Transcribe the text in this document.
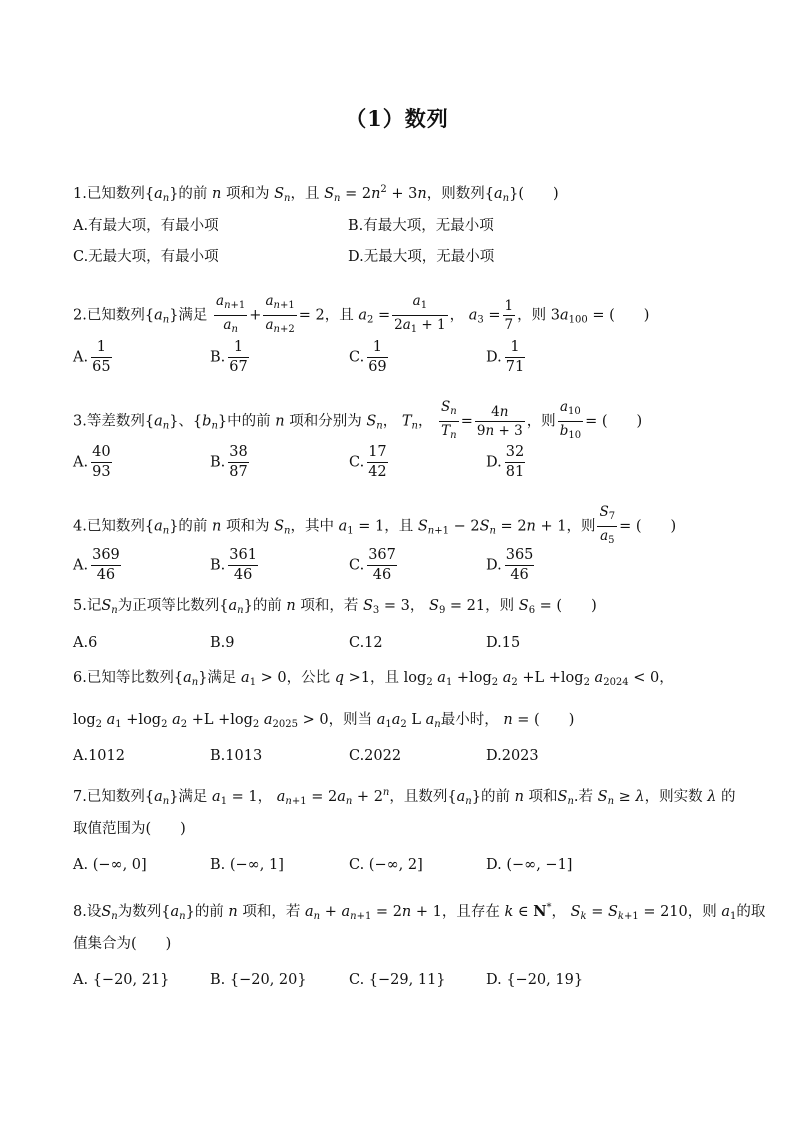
（1）数列
1.已知数列$\{a_n\}$的前 n 项和为 $S_n$，且 $S_n = 2n^2 + 3n$，则数列$\{a_n\}$(　　)
A.有最大项，有最小项	B.有最大项，无最小项
C.无最大项，有最小项	D.无最大项，无最小项
2.已知数列$\{a_n\}$满足 $\frac{a_{n+1}}{a_n} + \frac{a_{n+1}}{a_{n+2}} = 2$，且 $a_2 = \frac{a_1}{2a_1 + 1}$ ， $a_3 = \frac{1}{7}$ ，则 $3a_{100}$ = (　　)
A. $\frac{1}{65}$	B. $\frac{1}{67}$	C. $\frac{1}{69}$	D. $\frac{1}{71}$
3.等差数列$\{a_n\}$、$\{b_n\}$中的前 n 项和分别为 $S_n$， $T_n$， $\frac{S_n}{T_n} = \frac{4n}{9n + 3}$ ，则 $\frac{a_{10}}{b_{10}}$ = (　　)
A. $\frac{40}{93}$	B. $\frac{38}{87}$	C. $\frac{17}{42}$	D. $\frac{32}{81}$
4.已知数列$\{a_n\}$的前 n 项和为 $S_n$，其中 $a_1 = 1$，且 $S_{n+1} - 2S_n = 2n + 1$，则 $\frac{S_7}{a_5}$ = (　　)
A. $\frac{369}{46}$	B. $\frac{361}{46}$	C. $\frac{367}{46}$	D. $\frac{365}{46}$
5.记$S_n$为正项等比数列$\{a_n\}$的前 n 项和，若 $S_3 = 3$， $S_9 = 21$，则 $S_6$ = (　　)
A.6	B.9	C.12	D.15
6.已知等比数列$\{a_n\}$满足 $a_1 > 0$，公比 q >1，且 $\log_2 a_1 +\log_2$ $a_2 +L +\log_2$ $a_{2024} < 0$，
$\log_2 a_1 +\log_2$ $a_2 +L +\log_2$ $a_{2025} > 0$，则当 $a_1a_2$ L $a_n$最小时， n = (　　)
A.1012	B.1013	C.2022	D.2023
7.已知数列$\{a_n\}$满足 $a_1 = 1$， $a_{n+1} = 2a_n + 2^n$，且数列$\{a_n\}$的前 n 项和$S_n$.若 $S_n \ge \lambda$，则实数 λ 的
取值范围为(　　)
A. (−∞, 0]	B. (−∞, 1]	C. (−∞, 2]	D. (−∞, −1]
8.设$S_n$为数列$\{a_n\}$的前 n 项和，若 $a_n + a_{n+1} = 2n + 1$，且存在 k ∈ N*， $S_k = S_{k+1} = 210$，则 $a_1$的取
值集合为(　　)
A. {−20, 21}	B. {−20, 20}	C. {−29, 11}	D. {−20, 19}
